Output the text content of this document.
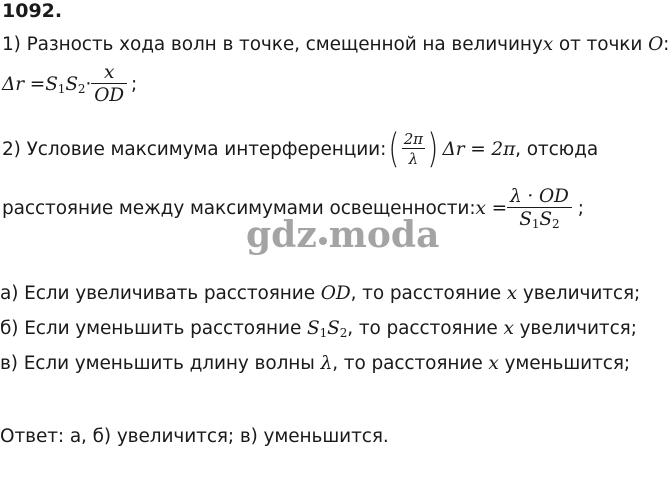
1092.
1) Разность хода волн в точке, смещенной на величинуx от точки O:
$\Delta r = S_1$ $S_2 \cdot \frac{x}{OD}$ ;
2) Условие максимума интерференции: ( $\frac{2\pi}{\lambda}$ ) Δr = 2π , отсюда
расстояние между максимумами освещенности: $x = \frac{\lambda \cdot OD}{S_1S_2}$ ;
gdz moda
а) Если увеличивать расстояние OD, то расстояние x увеличится;
б) Если уменьшить расстояние $S_1S_2$, то расстояние x увеличится;
в) Если уменьшить длину волны λ, то расстояние x уменьшится;
Ответ: а, б) увеличится; в) уменьшится.
